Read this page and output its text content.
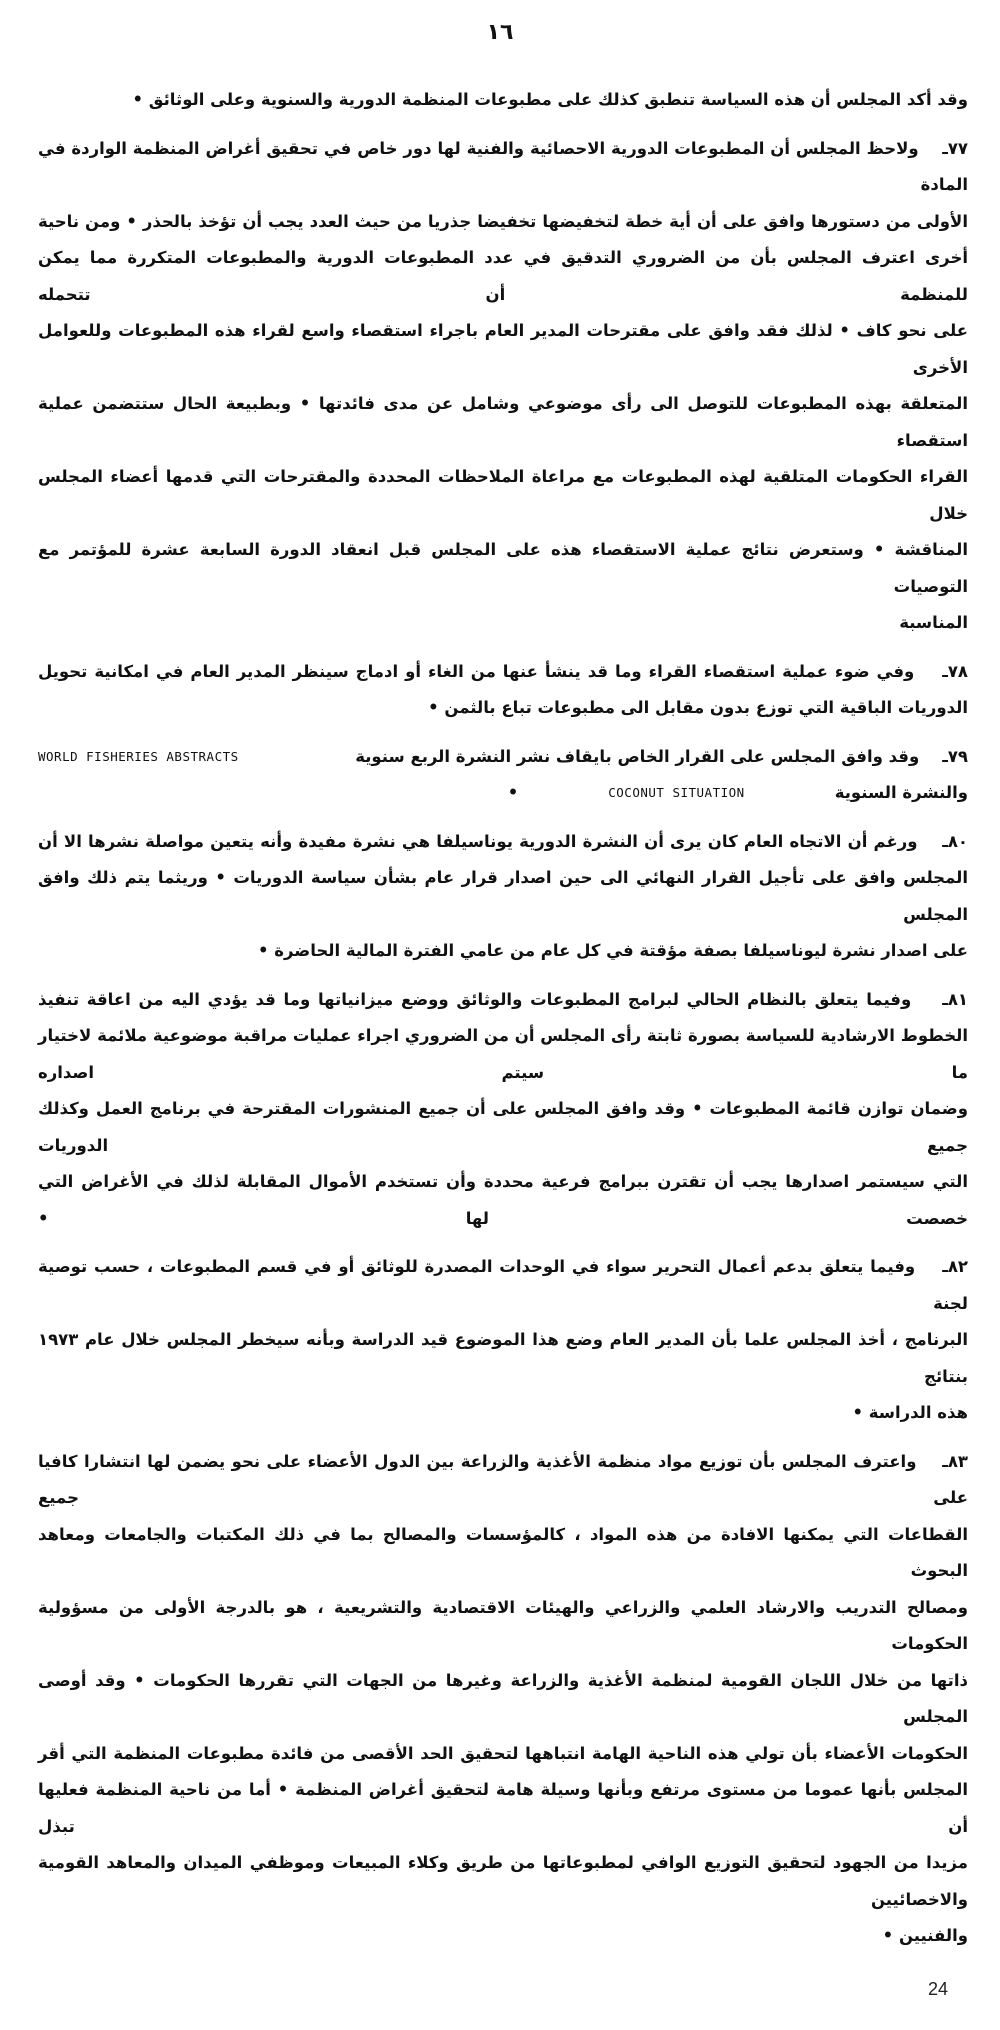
١٦
وقد أكد المجلس أن هذه السياسة تنطبق كذلك على مطبوعات المنظمة الدورية والسنوية وعلى الوثائق •
٧٧ـ    ولاحظ المجلس أن المطبوعات الدورية الاحصائية والفنية لها دور خاص في تحقيق أغراض المنظمة الواردة في المادة
الأولى من دستورها وافق على أن أية خطة لتخفيضها تخفيضا جذريا من حيث العدد يجب أن تؤخذ بالحذر • ومن ناحية
أخرى اعترف المجلس بأن من الضروري التدقيق في عدد المطبوعات الدورية والمطبوعات المتكررة مما يمكن للمنظمة أن تتحمله
على نحو كاف • لذلك فقد وافق على مقترحات المدير العام باجراء استقصاء واسع لقراء هذه المطبوعات وللعوامل الأخرى
المتعلقة بهذه المطبوعات للتوصل الى رأى موضوعي وشامل عن مدى فائدتها • وبطبيعة الحال ستتضمن عملية استقصاء
القراء الحكومات المتلقية لهذه المطبوعات مع مراعاة الملاحظات المحددة والمقترحات التي قدمها أعضاء المجلس خلال
المناقشة • وستعرض نتائج عملية الاستقصاء هذه على المجلس قبل انعقاد الدورة السابعة عشرة للمؤتمر مع التوصيات
المناسبة
٧٨ـ    وفي ضوء عملية استقصاء القراء وما قد ينشأ عنها من الغاء أو ادماج سينظر المدير العام في امكانية تحويل
الدوريات الباقية التي توزع بدون مقابل الى مطبوعات تباع بالثمن •
٧٩ـ    وقد وافق المجلس على القرار الخاص بايقاف نشر النشرة الربع سنوية
WORLD FISHERIES ABSTRACTS
والنشرة السنوية
COCONUT SITUATION
•
٨٠ـ    ورغم أن الاتجاه العام كان يرى أن النشرة الدورية يوناسيلفا هي نشرة مفيدة وأنه يتعين مواصلة نشرها الا أن
المجلس وافق على تأجيل القرار النهائي الى حين اصدار قرار عام بشأن سياسة الدوريات • وريثما يتم ذلك وافق المجلس
على اصدار نشرة ليوناسيلفا بصفة مؤقتة في كل عام من عامي الفترة المالية الحاضرة •
٨١ـ    وفيما يتعلق بالنظام الحالي لبرامج المطبوعات والوثائق ووضع ميزانياتها وما قد يؤدي اليه من اعاقة تنفيذ
الخطوط الارشادية للسياسة بصورة ثابتة رأى المجلس أن من الضروري اجراء عمليات مراقبة موضوعية ملائمة لاختيار ما سيتم اصداره
وضمان توازن قائمة المطبوعات • وقد وافق المجلس على أن جميع المنشورات المقترحة في برنامج العمل وكذلك جميع الدوريات
التي سيستمر اصدارها يجب أن تقترن ببرامج فرعية محددة وأن تستخدم الأموال المقابلة لذلك في الأغراض التي خصصت لها •
٨٢ـ    وفيما يتعلق بدعم أعمال التحرير سواء في الوحدات المصدرة للوثائق أو في قسم المطبوعات ، حسب توصية لجنة
البرنامج ، أخذ المجلس علما بأن المدير العام وضع هذا الموضوع قيد الدراسة وبأنه سيخطر المجلس خلال عام ١٩٧٣ بنتائج
هذه الدراسة •
٨٣ـ    واعترف المجلس بأن توزيع مواد منظمة الأغذية والزراعة بين الدول الأعضاء على نحو يضمن لها انتشارا كافيا على جميع
القطاعات التي يمكنها الافادة من هذه المواد ، كالمؤسسات والمصالح بما في ذلك المكتبات والجامعات ومعاهد البحوث
ومصالح التدريب والارشاد العلمي والزراعي والهيئات الاقتصادية والتشريعية ، هو بالدرجة الأولى من مسؤولية الحكومات
ذاتها من خلال اللجان القومية لمنظمة الأغذية والزراعة وغيرها من الجهات التي تقررها الحكومات • وقد أوصى المجلس
الحكومات الأعضاء بأن تولي هذه الناحية الهامة انتباهها لتحقيق الحد الأقصى من فائدة مطبوعات المنظمة التي أقر
المجلس بأنها عموما من مستوى مرتفع وبأنها وسيلة هامة لتحقيق أغراض المنظمة • أما من ناحية المنظمة فعليها أن تبذل
مزيدا من الجهود لتحقيق التوزيع الوافي لمطبوعاتها من طريق وكلاء المبيعات وموظفي الميدان والمعاهد القومية والاخصائيين
والفنيين •
24
